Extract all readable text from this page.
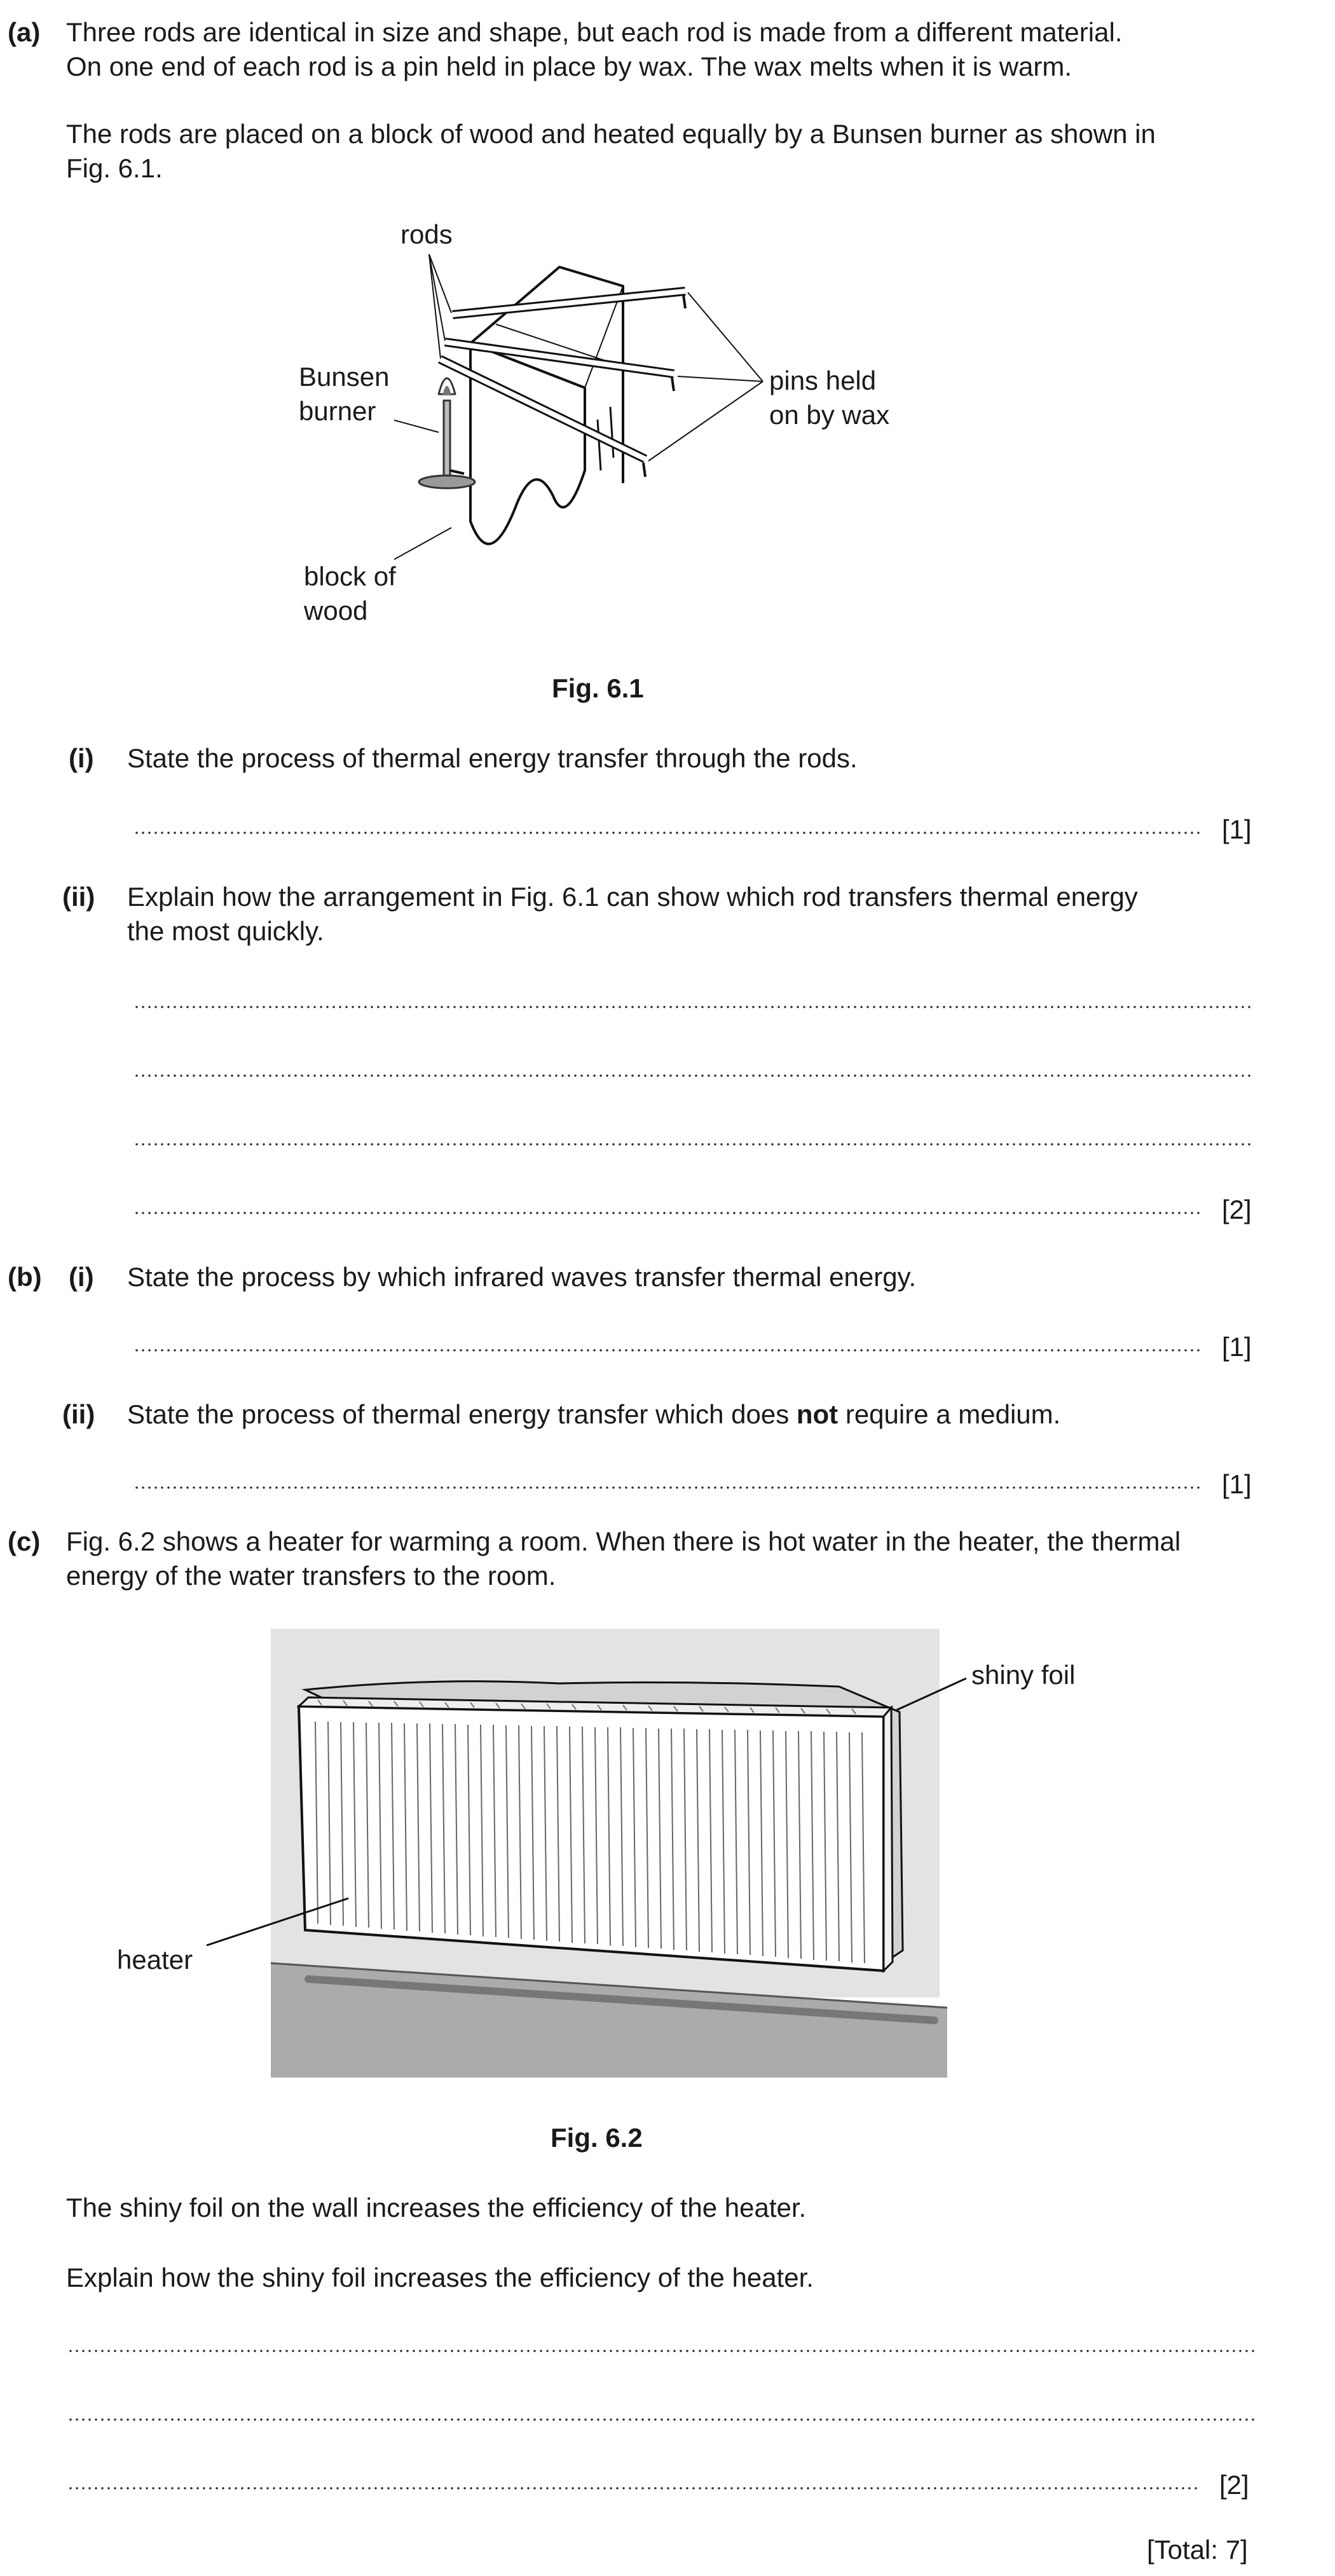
(a) Three rods are identical in size and shape, but each rod is made from a different material.
On one end of each rod is a pin held in place by wax. The wax melts when it is warm.
The rods are placed on a block of wood and heated equally by a Bunsen burner as shown in
Fig. 6.1.
rods
Bunsen
burner
pins held
on by wax
block of
wood
Fig. 6.1
(i) State the process of thermal energy transfer through the rods.
[1]
(ii) Explain how the arrangement in Fig. 6.1 can show which rod transfers thermal energy
the most quickly.
[2]
(b) (i) State the process by which infrared waves transfer thermal energy.
[1]
(ii) State the process of thermal energy transfer which does not require a medium.
[1]
(c) Fig. 6.2 shows a heater for warming a room. When there is hot water in the heater, the thermal
energy of the water transfers to the room.
shiny foil
heater
Fig. 6.2
The shiny foil on the wall increases the efficiency of the heater.
Explain how the shiny foil increases the efficiency of the heater.
[2]
[Total: 7]
